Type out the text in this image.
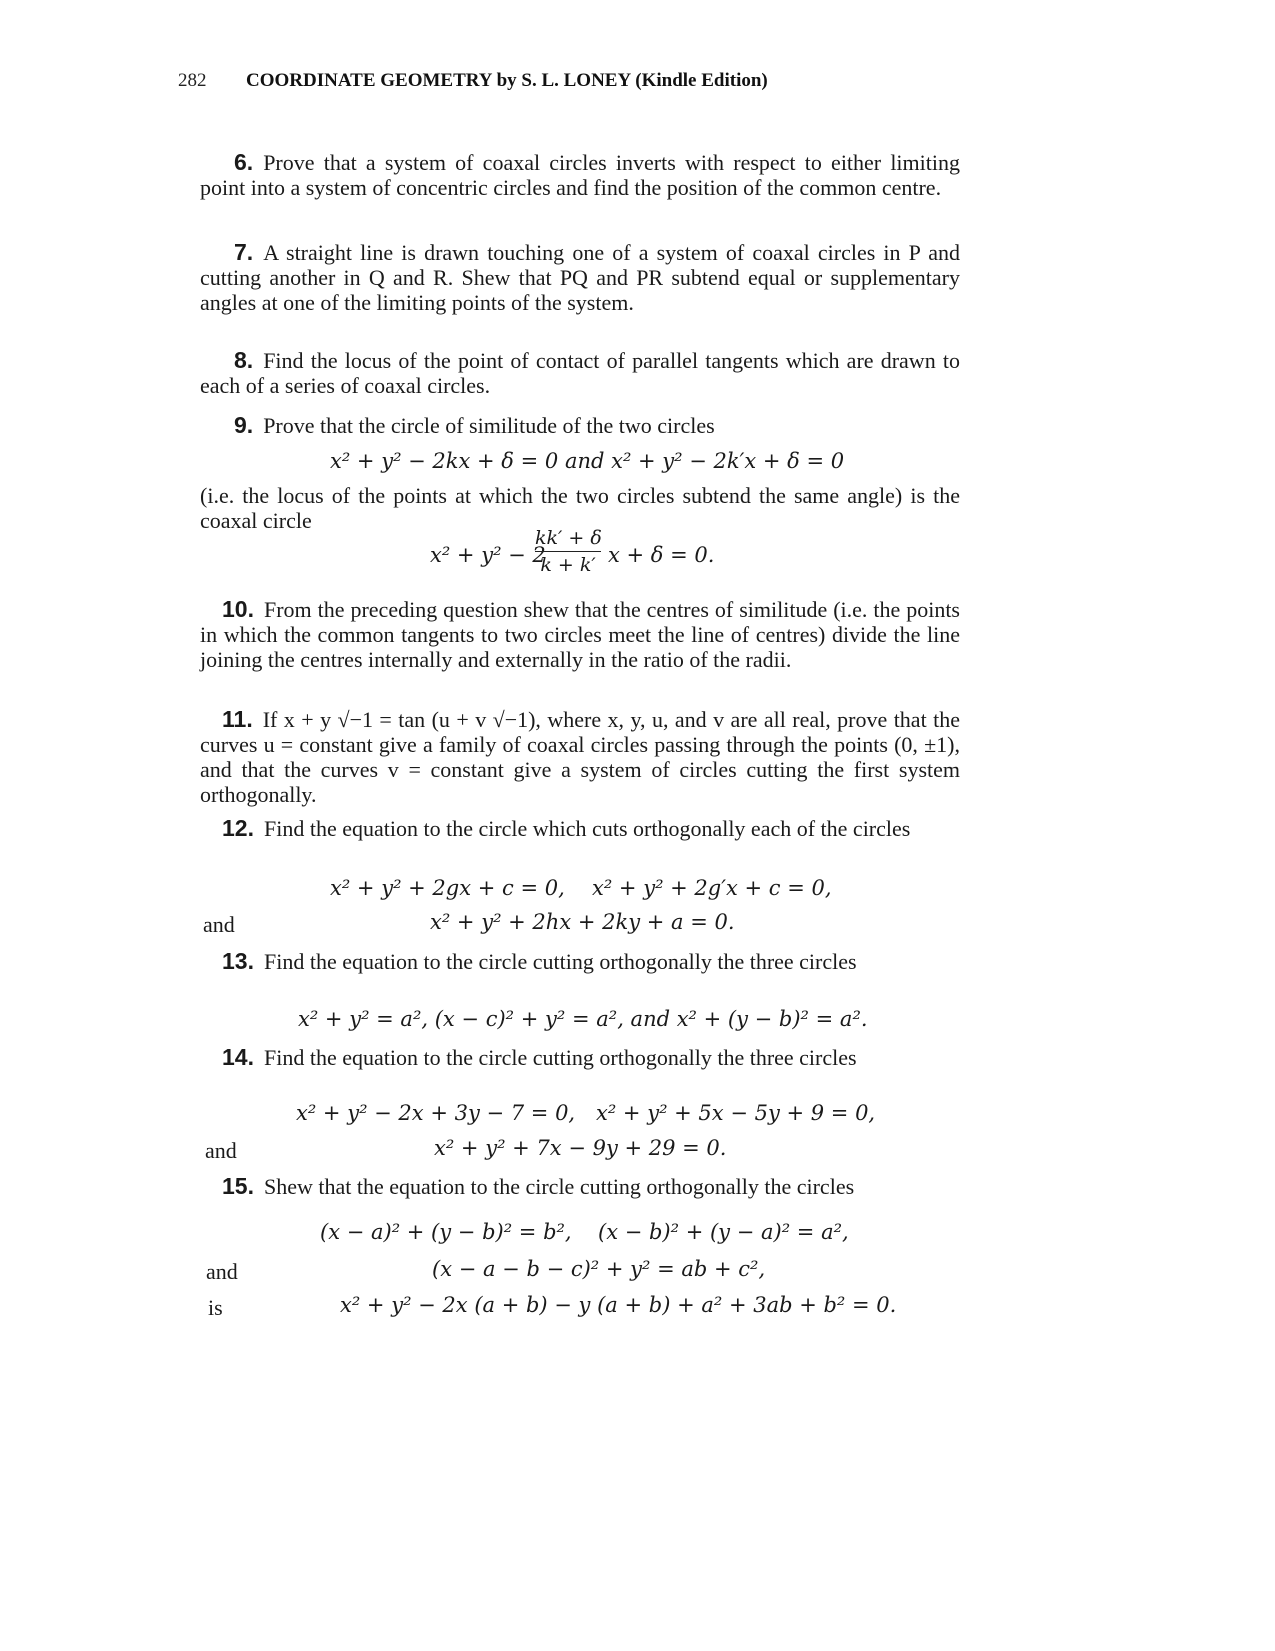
282 COORDINATE GEOMETRY by S. L. LONEY (Kindle Edition)

6. Prove that a system of coaxal circles inverts with respect to either limiting point into a system of concentric circles and find the position of the common centre.

7. A straight line is drawn touching one of a system of coaxal circles in P and cutting another in Q and R. Shew that PQ and PR subtend equal or supplementary angles at one of the limiting points of the system.

8. Find the locus of the point of contact of parallel tangents which are drawn to each of a series of coaxal circles.

9. Prove that the circle of similitude of the two circles

x² + y² − 2kx + δ = 0 and x² + y² − 2k′x + δ = 0

(i.e. the locus of the points at which the two circles subtend the same angle) is the coaxal circle

x² + y² − 2
kk′ + δ
k + k′ x + δ = 0.

10. From the preceding question shew that the centres of similitude (i.e. the points in which the common tangents to two circles meet the line of centres) divide the line joining the centres internally and externally in the ratio of the radii.

11. If x + y √−1 = tan (u + v √−1), where x, y, u, and v are all real, prove that the curves u = constant give a family of coaxal circles passing through the points (0, ±1), and that the curves v = constant give a system of circles cutting the first system orthogonally.

12. Find the equation to the circle which cuts orthogonally each of the circles

x² + y² + 2gx + c = 0, x² + y² + 2g′x + c = 0,
and	x² + y² + 2hx + 2ky + a = 0.

13. Find the equation to the circle cutting orthogonally the three circles

x² + y² = a², (x − c)² + y² = a², and x² + (y − b)² = a².

14. Find the equation to the circle cutting orthogonally the three circles

x² + y² − 2x + 3y − 7 = 0, x² + y² + 5x − 5y + 9 = 0,
and	x² + y² + 7x − 9y + 29 = 0.

15. Shew that the equation to the circle cutting orthogonally the circles

(x − a)² + (y − b)² = b², (x − b)² + (y − a)² = a²,
and	(x − a − b − c)² + y² = ab + c²,
is	x² + y² − 2x (a + b) − y (a + b) + a² + 3ab + b² = 0.
